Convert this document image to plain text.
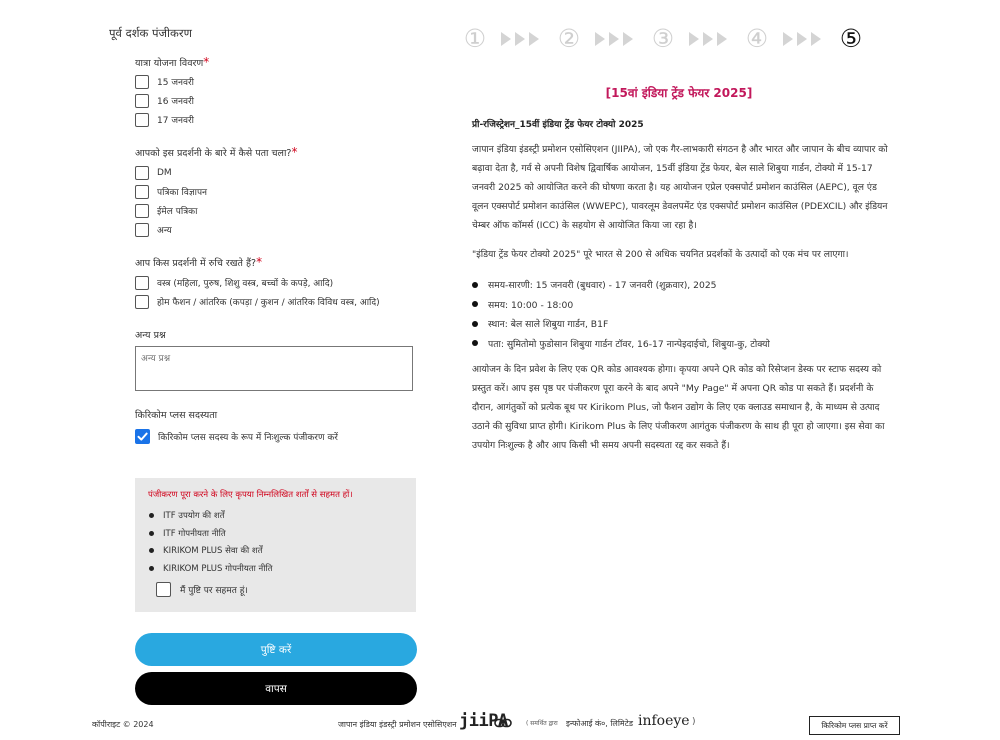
पूर्व दर्शक पंजीकरण	①	②	③	④	⑤
यात्रा योजना विवरण*
15 जनवरी
16 जनवरी
17 जनवरी
आपको इस प्रदर्शनी के बारे में कैसे पता चला?*
DM
पत्रिका विज्ञापन
ईमेल पत्रिका
अन्य
आप किस प्रदर्शनी में रुचि रखते हैं?*
वस्त्र (महिला, पुरुष, शिशु वस्त्र, बच्चों के कपड़े, आदि)
होम फैशन / आंतरिक (कपड़ा / कुशन / आंतरिक विविध वस्त्र, आदि)
अन्य प्रश्न
अन्य प्रश्न
किरिकोम प्लस सदस्यता
किरिकोम प्लस सदस्य के रूप में निःशुल्क पंजीकरण करें
पंजीकरण पूरा करने के लिए कृपया निम्नलिखित शर्तों से सहमत हों।
ITF उपयोग की शर्तें
ITF गोपनीयता नीति
KIRIKOM PLUS सेवा की शर्तें
KIRIKOM PLUS गोपनीयता नीति
मैं पुष्टि पर सहमत हूं।
पुष्टि करें
वापस
[15वां इंडिया ट्रेंड फेयर 2025]
प्री-रजिस्ट्रेशन_15वीं इंडिया ट्रेंड फेयर टोक्यो 2025
जापान इंडिया इंडस्ट्री प्रमोशन एसोसिएशन (JIIPA), जो एक गैर-लाभकारी संगठन है और भारत और जापान के बीच व्यापार को बढ़ावा देता है, गर्व से अपनी विशेष द्विवार्षिक आयोजन, 15वीं इंडिया ट्रेंड फेयर, बेल साले शिबुया गार्डन, टोक्यो में 15-17 जनवरी 2025 को आयोजित करने की घोषणा करता है। यह आयोजन एप्रेल एक्सपोर्ट प्रमोशन काउंसिल (AEPC), वूल एंड वूलन एक्सपोर्ट प्रमोशन काउंसिल (WWEPC), पावरलूम डेवलपमेंट एंड एक्सपोर्ट प्रमोशन काउंसिल (PDEXCIL) और इंडियन चेम्बर ऑफ कॉमर्स (ICC) के सहयोग से आयोजित किया जा रहा है।
"इंडिया ट्रेंड फेयर टोक्यो 2025" पूरे भारत से 200 से अधिक चयनित प्रदर्शकों के उत्पादों को एक मंच पर लाएगा।
समय-सारणी: 15 जनवरी (बुधवार) - 17 जनवरी (शुक्रवार), 2025
समय: 10:00 - 18:00
स्थान: बेल साले शिबुया गार्डन, B1F
पता: सुमितोमो फुडोसान शिबुया गार्डन टॉवर, 16-17 नान्पेइदाईचो, शिबुया-कु, टोक्यो
आयोजन के दिन प्रवेश के लिए एक QR कोड आवश्यक होगा। कृपया अपने QR कोड को रिसेप्शन डेस्क पर स्टाफ सदस्य को प्रस्तुत करें। आप इस पृष्ठ पर पंजीकरण पूरा करने के बाद अपने "My Page" में अपना QR कोड पा सकते हैं। प्रदर्शनी के दौरान, आगंतुकों को प्रत्येक बूथ पर Kirikom Plus, जो फैशन उद्योग के लिए एक क्लाउड समाधान है, के माध्यम से उत्पाद उठाने की सुविधा प्राप्त होगी। Kirikom Plus के लिए पंजीकरण आगंतुक पंजीकरण के साथ ही पूरा हो जाएगा। इस सेवा का उपयोग निःशुल्क है और आप किसी भी समय अपनी सदस्यता रद्द कर सकते हैं।
कॉपीराइट © 2024	जापान इंडिया इंडस्ट्री प्रमोशन एसोसिएशन jiiPA	( समर्थित द्वारा इन्फोआई कं०, लिमिटेड infoeye )	किरिकोम प्लस प्राप्त करें
